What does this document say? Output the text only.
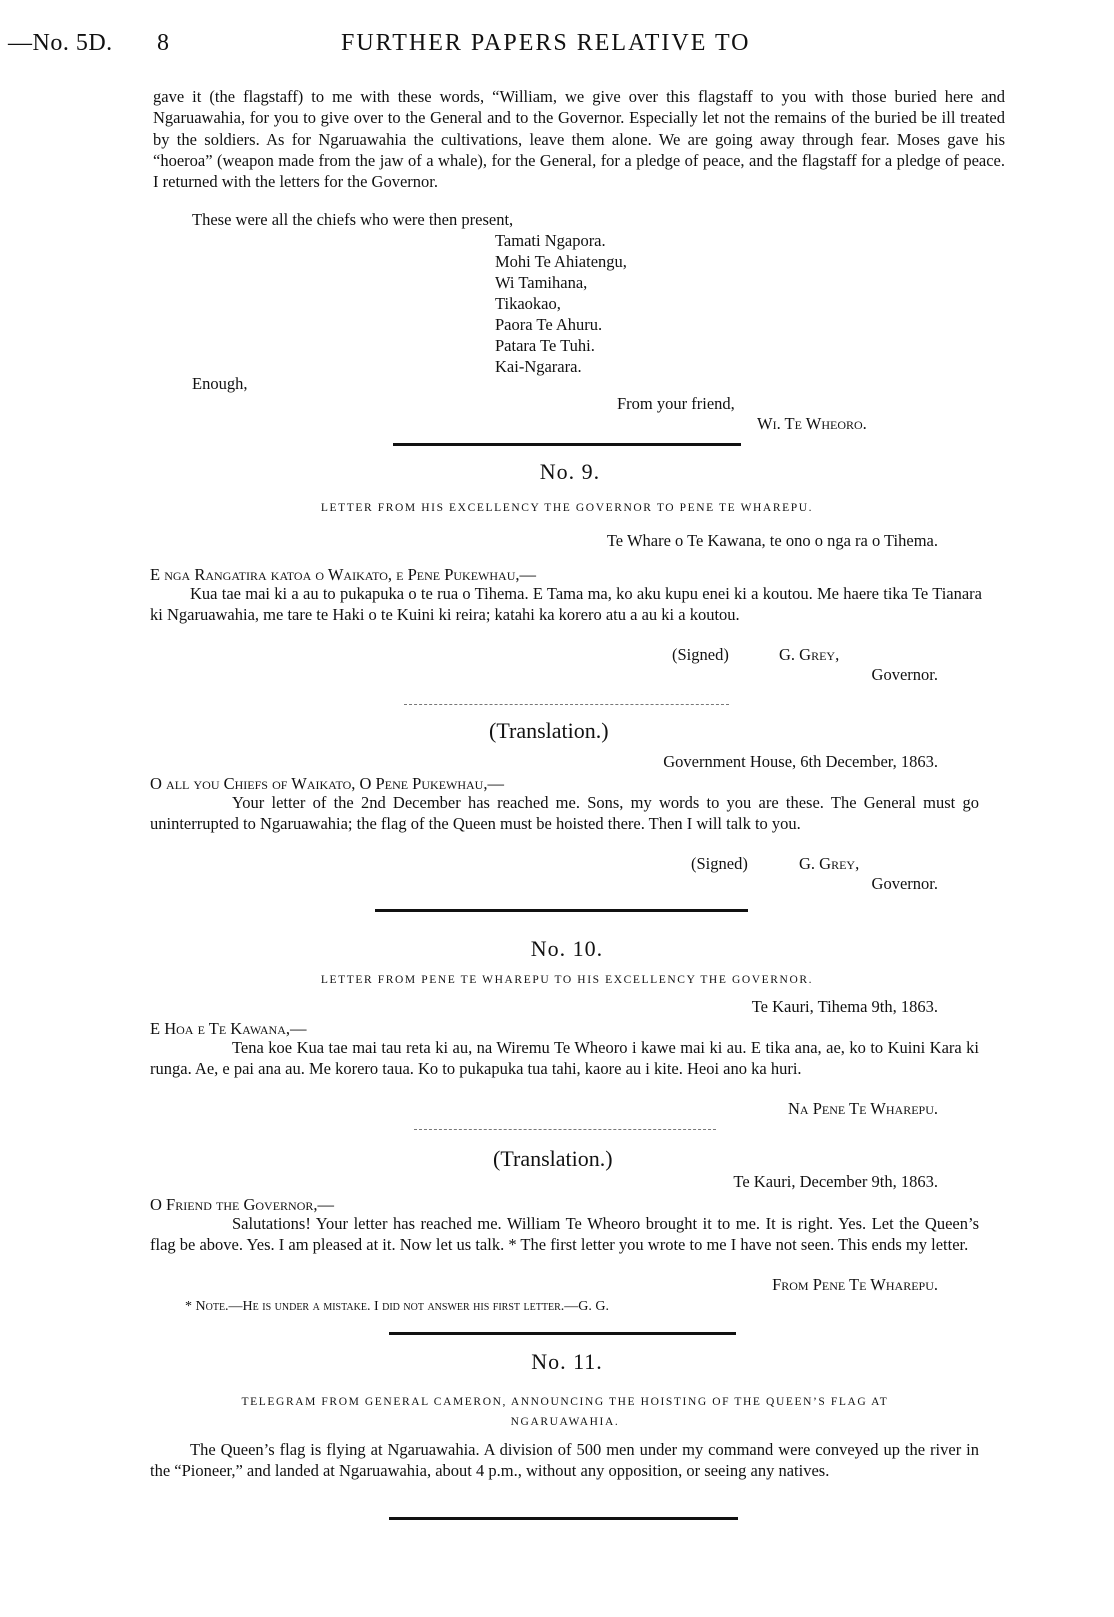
—No. 5D. 8	FURTHER PAPERS RELATIVE TO

gave it (the flagstaff) to me with these words, “William, we give over this flagstaff to you with those buried here and Ngaruawahia, for you to give over to the General and to the Governor. Especially let not the remains of the buried be ill treated by the soldiers. As for Ngaruawahia the cultivations, leave them alone. We are going away through fear. Moses gave his “hoeroa” (weapon made from the jaw of a whale), for the General, for a pledge of peace, and the flagstaff for a pledge of peace. I returned with the letters for the Governor.

These were all the chiefs who were then present,
Tamati Ngapora.
Mohi Te Ahiatengu,
Wi Tamihana,
Tikaokao,
Paora Te Ahuru.
Patara Te Tuhi.
Kai-Ngarara.
Enough,
From your friend,
Wi. Te Wheoro.
No. 9.
LETTER FROM HIS EXCELLENCY THE GOVERNOR TO PENE TE WHAREPU.
Te Whare o Te Kawana, te ono o nga ra o Tihema.
E nga Rangatira katoa o Waikato, e Pene Pukewhau,—

Kua tae mai ki a au to pukapuka o te rua o Tihema. E Tama ma, ko aku kupu enei ki a koutou. Me haere tika Te Tianara ki Ngaruawahia, me tare te Haki o te Kuini ki reira; katahi ka korero atu a au ki a koutou.

(Signed)	G. Grey,
Governor.
(Translation.)
Government House, 6th December, 1863.
O all you Chiefs of Waikato, O Pene Pukewhau,—

Your letter of the 2nd December has reached me. Sons, my words to you are these. The General must go uninterrupted to Ngaruawahia; the flag of the Queen must be hoisted there. Then I will talk to you.

(Signed)	G. Grey,
Governor.
No. 10.
LETTER FROM PENE TE WHAREPU TO HIS EXCELLENCY THE GOVERNOR.
Te Kauri, Tihema 9th, 1863.
E Hoa e Te Kawana,—

Tena koe Kua tae mai tau reta ki au, na Wiremu Te Wheoro i kawe mai ki au. E tika ana, ae, ko to Kuini Kara ki runga. Ae, e pai ana au. Me korero taua. Ko to pukapuka tua tahi, kaore au i kite. Heoi ano ka huri.

Na Pene Te Wharepu.
(Translation.)
Te Kauri, December 9th, 1863.
O Friend the Governor,—

Salutations! Your letter has reached me. William Te Wheoro brought it to me. It is right. Yes. Let the Queen’s flag be above. Yes. I am pleased at it. Now let us talk. * The first letter you wrote to me I have not seen. This ends my letter.

From Pene Te Wharepu.
* Note.—He is under a mistake. I did not answer his first letter.—G. G.
No. 11.
TELEGRAM FROM GENERAL CAMERON, ANNOUNCING THE HOISTING OF THE QUEEN’S FLAG AT NGARUAWAHIA.

The Queen’s flag is flying at Ngaruawahia. A division of 500 men under my command were conveyed up the river in the “Pioneer,” and landed at Ngaruawahia, about 4 p.m., without any opposition, or seeing any natives.
